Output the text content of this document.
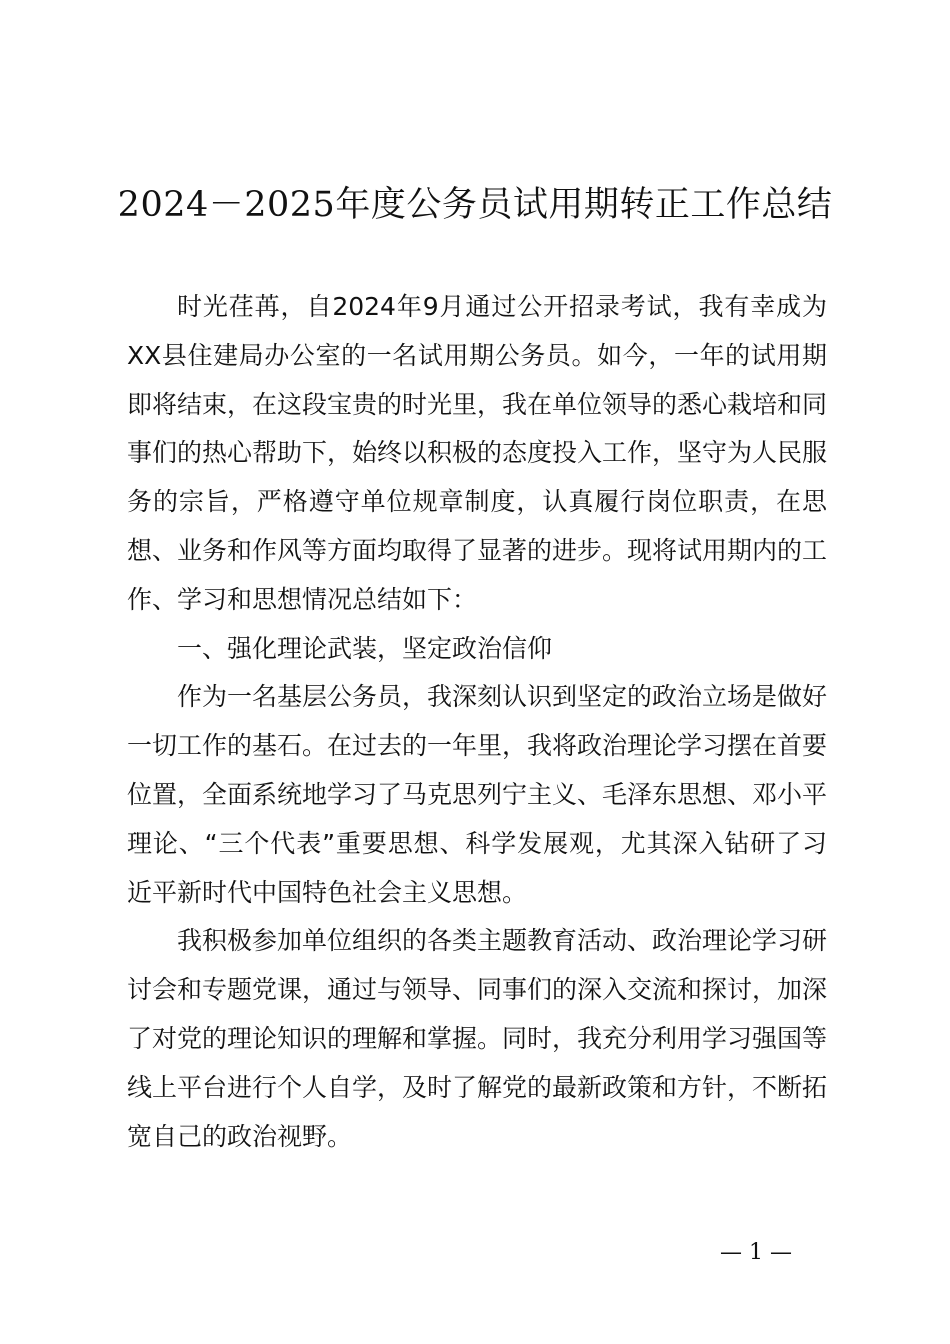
2024－2025年度公务员试用期转正工作总结

时光荏苒，自2024年9月通过公开招录考试，我有幸成为XX县住建局办公室的一名试用期公务员。如今，一年的试用期即将结束，在这段宝贵的时光里，我在单位领导的悉心栽培和同事们的热心帮助下，始终以积极的态度投入工作，坚守为人民服务的宗旨，严格遵守单位规章制度，认真履行岗位职责，在思想、业务和作风等方面均取得了显著的进步。现将试用期内的工作、学习和思想情况总结如下：

一、强化理论武装，坚定政治信仰

作为一名基层公务员，我深刻认识到坚定的政治立场是做好一切工作的基石。在过去的一年里，我将政治理论学习摆在首要位置，全面系统地学习了马克思列宁主义、毛泽东思想、邓小平理论、“三个代表”重要思想、科学发展观，尤其深入钻研了习近平新时代中国特色社会主义思想。

我积极参加单位组织的各类主题教育活动、政治理论学习研讨会和专题党课，通过与领导、同事们的深入交流和探讨，加深了对党的理论知识的理解和掌握。同时，我充分利用学习强国等线上平台进行个人自学，及时了解党的最新政策和方针，不断拓宽自己的政治视野。

— 1 —
